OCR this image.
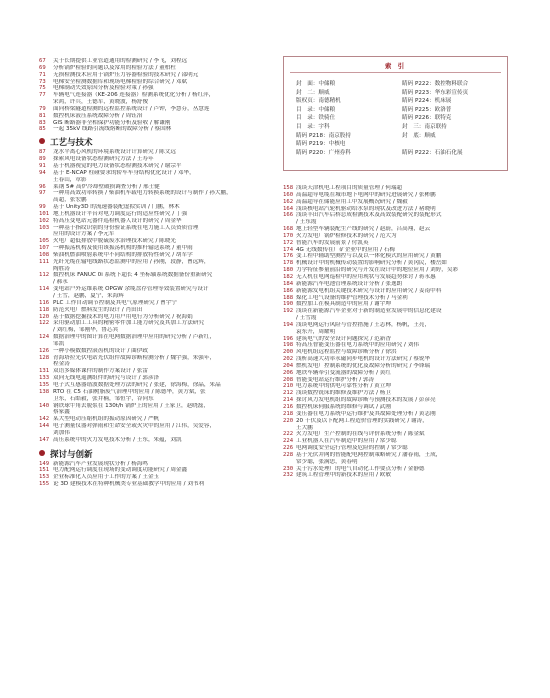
67 关于长期提供工业管道通用的检测研究 / 李飞，刘程远
69 分析锅炉检验的问题以及常用的检验方法 / 董柏杜
71 无损检测技术应用于锅炉压力容器检验的技术研究 / 邵明元
73 电梯安全检测数据库和现场电梯检验的综合研究 / 邓斌
75 电梯制动失效原因分析及检验对策 / 孙强
77 车辆电气连接器（KE-206 连接器）检测系统优化分析 / 杨红萍，
宋鸿，许兵，王德军，黄晓波，杨舒俊
79 面向桥梁隧道检测的远程监控系统设计 / 卢钟，李慧芬，丛慧莲
81 数控机床液压系统故障分析 / 周钰治
83 GIS 断路器非全相保护功能分析及验收 / 解谦刚
85 一起 35kV 线路引流线熔断的故障分析 / 蔡国林
工艺与技术
87 龙水平离心风机的环境系统设计计算研究 / 陈文远
89 探索风电设备状态检测研究方法 / 王寿年
91 基于机器视觉的电力设备状态检测技术研究 / 谢宗平
94 基于 E-NCAP 柱碰要求的轿车车身结构优化设计 / 邓华，
王春山，章影
96 莱钢 5# 高炉冷却壁破损调查分析 / 邢士健
97 一种用高效功率转换 / 柴油机车载电力转换系统的设计与制作 / 孙大鹏，
高超，张宏鹏
99 基于 Unity3D 的流速器装配虚拟实训 / 门鹏，林木
101 地上机器设计平台对电力调度运行的适应性研究 / 丁强
102 特高压变电站元器件巡检机器人设计的研究 / 周金华
103 一种基于指纹识别的身份验证系统在电力施工人员资质管理
应用的设计方案 / 李元军
105 火电厂超低排放中脱硫废水治理技术研究 / 陈晓光
107 一种振荡机构及使用该振荡机构的推杆输送系统 / 董中雨
108 柴油机燃油喷射系统中不同结构的排放特性研究 / 胡军学
111 光纤光缆在输电线路状态监测中的应用 / 孙刚，段静，曹远辉，
陶胜涛
112 数控机床 FANUC 0i 系统下超长 4 坐标轴系统数据备份重新研究
/ 郝永
114 变电站户外运维系统 OPGW 余缆盘存管理等效装置研究与设计
/ 王雪，赵鹏，夏宁，朱海辉
116 PLC 工作自动调节控制及其电气原理研究 / 曹宇宁
118 防范火电厂燃料发生的设计 / 肖田田
120 基于数据挖掘技术的电力用户用电行为分析研究 / 祝海娟
122 采用驱动加工工具的精密零件加工能力研究及其加工方法研究
/ 刘红梅，邹刚华，鲁芯宾
124 数据治理中的图计算在电网数据治理中应用的研究分析 / 卢新红，
邹凯
126 一种小模数数控滚齿机的设计 / 曲伊政
128 青海塔拉光伏电站光伏组件故障诊断检测分析 / 魏宇强，朱强年，
程金涛
131 双语多媒体课件的制作方案设计 / 张雷
133 双向无线电遥测组件的研究与设计 / 郭彦泽
135 电子式互感器谐波数据处理方法的研究 / 张建，徐海梅，徐晶，朱晶
138 RTO 在 C5 石油树脂废气治理中的应用 / 陈德华，黄方斌，张
卫东，石皓毅，张井楠，邹恒宇，谷向东
140 钢铁球牛角去脱浆在 130t/h 锅炉上的应用 / 王家卫，赵晓磊，
蔡家鑫
142 某大型电动压缩机组的振动原因研究 / 严帆
144 电子测量仪器对弹雨和生命安全或火灾中的应用 / 江伟，吴爱容，
刘加伟
147 高压系统中的火力发电技术分析 / 王东，朱蕴，刘凯
探讨与创新
149 新能源汽车产业发展现状分析 / 杨海鸣
151 电力配网运行调度在现场的变动调度功能研究 / 周金鑫
153 企业标准化人员应用于工作的方案 / 王金玉
155 论 3D 建模技术在特种机械类专业基础教学中的应用 / 刘书利
索 引
封　面：中储粮
封　二：顺威
版权页：南德精机
目　录：中储粮
目　录：铁骑仕
目　录：宇科
睛码 P218：南京股持
睛码 P219：中核电
睛码 P220：广州券科
睛码 P222：数控物料联合
睛码 P223：华东彩宣传页
睛码 P224：机床展
睛码 P225：欧洛普
睛码 P226：联特克
封　三：南京联持
封　底：顺威

睛码 P222：石油石化展
158 浅谈天津机电工程项目的质量管理 / 何瑞超
160 高温超导电缆在城市地下电网中的研究进展研究 / 张彬鹏
162 高温超导在储能应用工中发展概况研究 / 魏毅
164 浅谈核电站汽轮机驱动给水泵的现状及改进方法 / 褚晓明
166 浅谈丰田汽车后桥总成检测技术及高效装配研究的装配形式
/ 王东霞
168 地上轻型车辆装配生产线的研究 / 赵蔚，吕高翔，赵云
170 火力发电厂锅炉检修技术的研究 / 范大为
172 智能汽车的发展前景 / 付凯英
174 4G 无线数传在厂矿企业中的应用 / 石梅
176 变工程中辅助型测控与以及以一体化模式的应用研究 / 黄鹏
178 机械设计中的机械传动装置的影响研究分析 / 黄冈民，楼岳如
180 力学特征参量前沿的研究与开发在设计中的地位应用 / 刘婷，吴彩
182 无人机在电网巡检中的应用现状与发展趋势探讨 / 蒋永惠
184 新能源汽车电池管理系统设计分析 / 张逸朗
186 新能源发电机组关键技术研究与设计的应用研究 / 姜南中科
188 煤化工电气设备的维护管理技术分析 / 马金利
190 数控加工在模具制造中的应用 / 谢宇坤
192 浅谈在新能源汽车企业对于新的制造业发展中的信息化建设
/ 王雪霞
194 浅谈电网运行风险与管控措施 / 王志林，杨帆，王亮，
袁东升，周耀明
196 建筑电气的安全设计问题探究 / 范新香
198 特高压智能变压器在电力系统中的应用研究 / 刘伟
200 风电机组远程监控与故障诊断分析 / 徐洪
202 浅析高速大功率永磁同步电机的设计方法研究 / 蔡锐华
204 燃机发电厂控制系统的优化及故障分析的研究 / 李锋瑞
206 地铁车辆牵引变流器的故障分析 / 黄红
208 智能变电站运行维护分析 / 郭涛
210 电力系统中的供电可靠性分析 / 黄立坤
212 浅谈数控铣床的维修及维护方法 / 杨卫
214 探讨风力发电机组的故障诊断与预测技术的发展 / 彭彦亮
216 数控机床伺服系统的维修与调试 / 武刚
218 变压器在电力系统中运行维护及其故障处理分析 / 黄志刚
220 20 千伏及以下配网工程造价管理的实践研究 / 谢涛，
王大鹏
222 火力发电厂生产控制的在线与评价系统分析 / 陈金斌
224 工业机器人在汽车制造中的应用 / 常少聪
226 电网调度安全运行管理及危险的控制 / 常少聪
228 基于光伏并网的智能配电网控制策略研究 / 潘春雨，王成，
常少聪，张满思，黄春明
230 关于污水处理厂的电气自动化工作要点分析 / 金静德
232 建筑工程管理中的新技术的应用 / 欧敏
